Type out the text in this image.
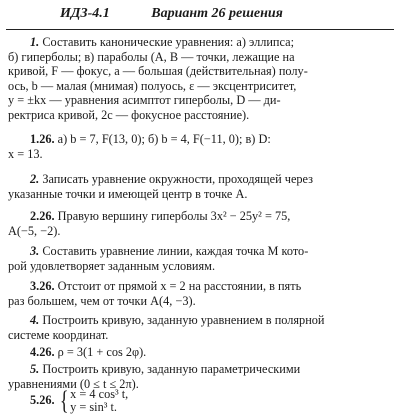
ИДЗ-4.1	Вариант 26 решения
1. Составить канонические уравнения: а) эллипса;
б) гиперболы; в) параболы (A, B — точки, лежащие на
кривой, F — фокус, a — большая (действительная) полу-
ось, b — малая (мнимая) полуось, ε — эксцентриситет,
y = ±kx — уравнения асимптот гиперболы, D — ди-
ректриса кривой, 2c — фокусное расстояние).
1.26. а) b = 7, F(13, 0); б) b = 4, F(−11, 0); в) D:
x = 13.
2. Записать уравнение окружности, проходящей через
указанные точки и имеющей центр в точке A.
2.26. Правую вершину гиперболы 3x² − 25y² = 75,
A(−5, −2).
3. Составить уравнение линии, каждая точка M кото-
рой удовлетворяет заданным условиям.
3.26. Отстоит от прямой x = 2 на расстоянии, в пять
раз большем, чем от точки A(4, −3).
4. Построить кривую, заданную уравнением в полярной
системе координат.
4.26. ρ = 3(1 + cos 2φ).
5. Построить кривую, заданную параметрическими
уравнениями (0 ≤ t ≤ 2π).
5.26. { x = 4 cos³ t,
y = sin³ t.
